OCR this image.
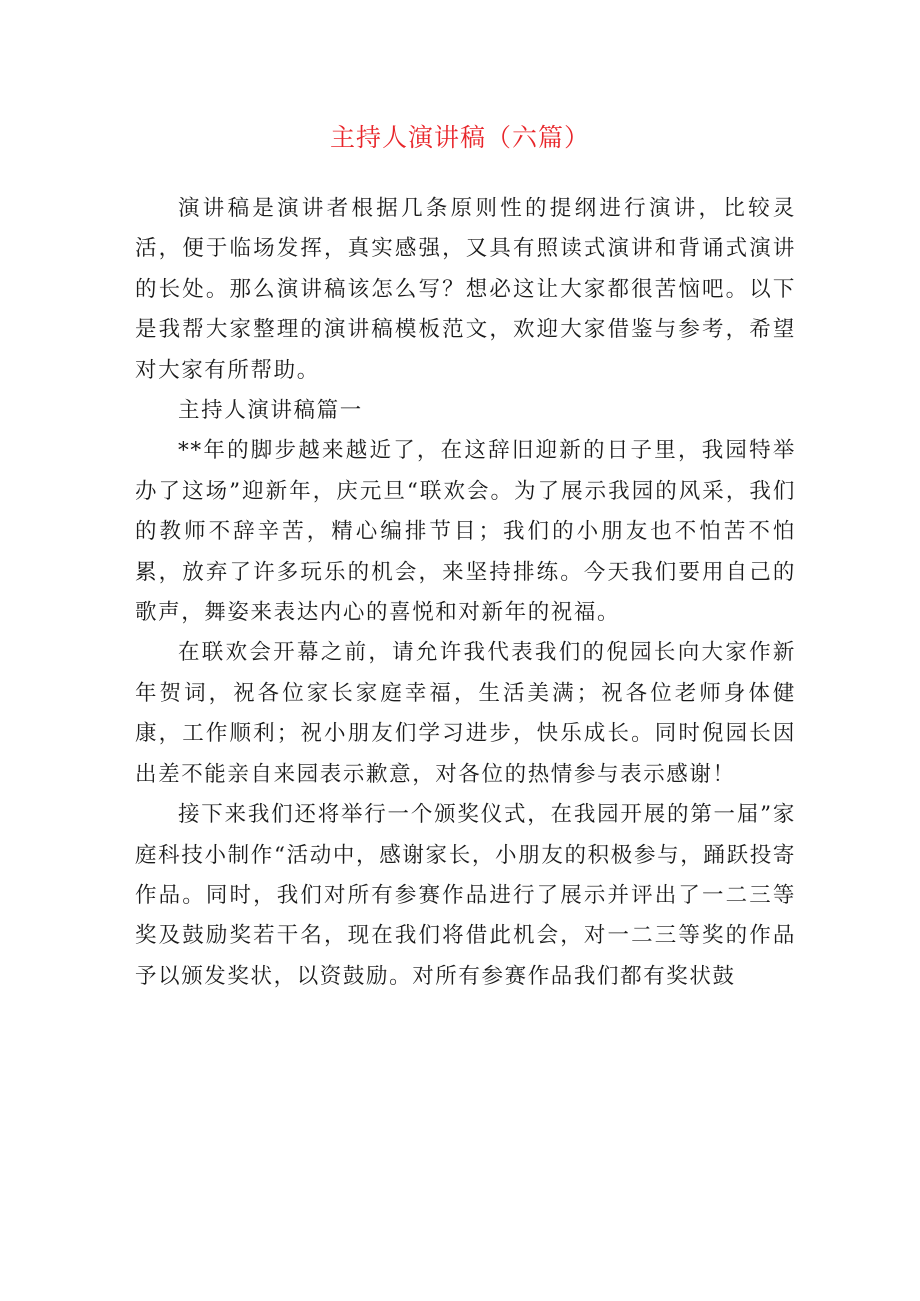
主持人演讲稿（六篇）

演讲稿是演讲者根据几条原则性的提纲进行演讲，比较灵活，便于临场发挥，真实感强，又具有照读式演讲和背诵式演讲的长处。那么演讲稿该怎么写？想必这让大家都很苦恼吧。以下是我帮大家整理的演讲稿模板范文，欢迎大家借鉴与参考，希望对大家有所帮助。

主持人演讲稿篇一

**年的脚步越来越近了，在这辞旧迎新的日子里，我园特举办了这场”迎新年，庆元旦“联欢会。为了展示我园的风采，我们的教师不辞辛苦，精心编排节目；我们的小朋友也不怕苦不怕累，放弃了许多玩乐的机会，来坚持排练。今天我们要用自己的歌声，舞姿来表达内心的喜悦和对新年的祝福。

在联欢会开幕之前，请允许我代表我们的倪园长向大家作新年贺词，祝各位家长家庭幸福，生活美满；祝各位老师身体健康，工作顺利；祝小朋友们学习进步，快乐成长。同时倪园长因出差不能亲自来园表示歉意，对各位的热情参与表示感谢！

接下来我们还将举行一个颁奖仪式，在我园开展的第一届”家庭科技小制作“活动中，感谢家长，小朋友的积极参与，踊跃投寄作品。同时，我们对所有参赛作品进行了展示并评出了一二三等奖及鼓励奖若干名，现在我们将借此机会，对一二三等奖的作品予以颁发奖状，以资鼓励。对所有参赛作品我们都有奖状鼓
